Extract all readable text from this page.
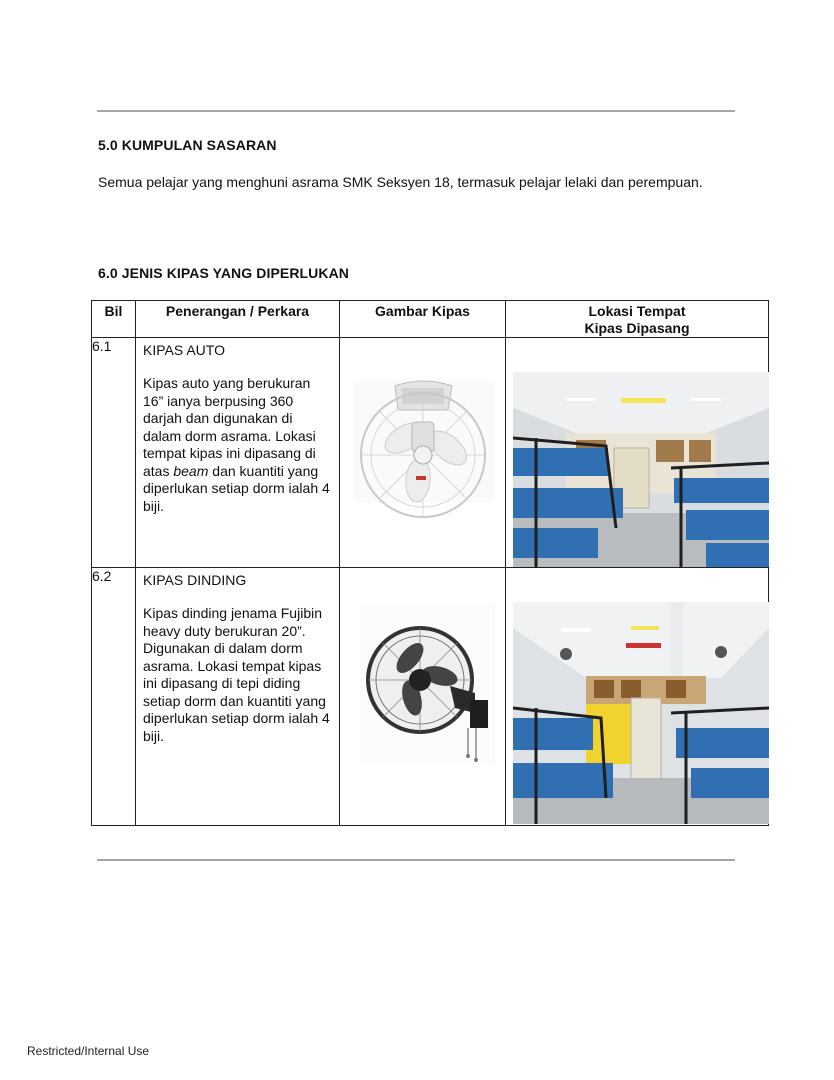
5.0 KUMPULAN SASARAN
Semua pelajar yang menghuni asrama SMK Seksyen 18, termasuk pelajar lelaki dan perempuan.
6.0 JENIS KIPAS YANG DIPERLUKAN
Bil	Penerangan / Perkara	Gambar Kipas	Lokasi Tempat
Kipas Dipasang
6.1	KIPAS AUTO
Kipas auto yang berukuran 16” ianya berpusing 360 darjah dan digunakan di dalam dorm asrama. Lokasi tempat kipas ini dipasang di atas beam dan kuantiti yang diperlukan setiap dorm ialah 4 biji.

6.2	KIPAS DINDING
Kipas dinding jenama Fujibin heavy duty berukuran 20”. Digunakan di dalam dorm asrama. Lokasi tempat kipas ini dipasang di tepi diding setiap dorm dan kuantiti yang diperlukan setiap dorm ialah 4 biji.

Restricted/Internal Use
